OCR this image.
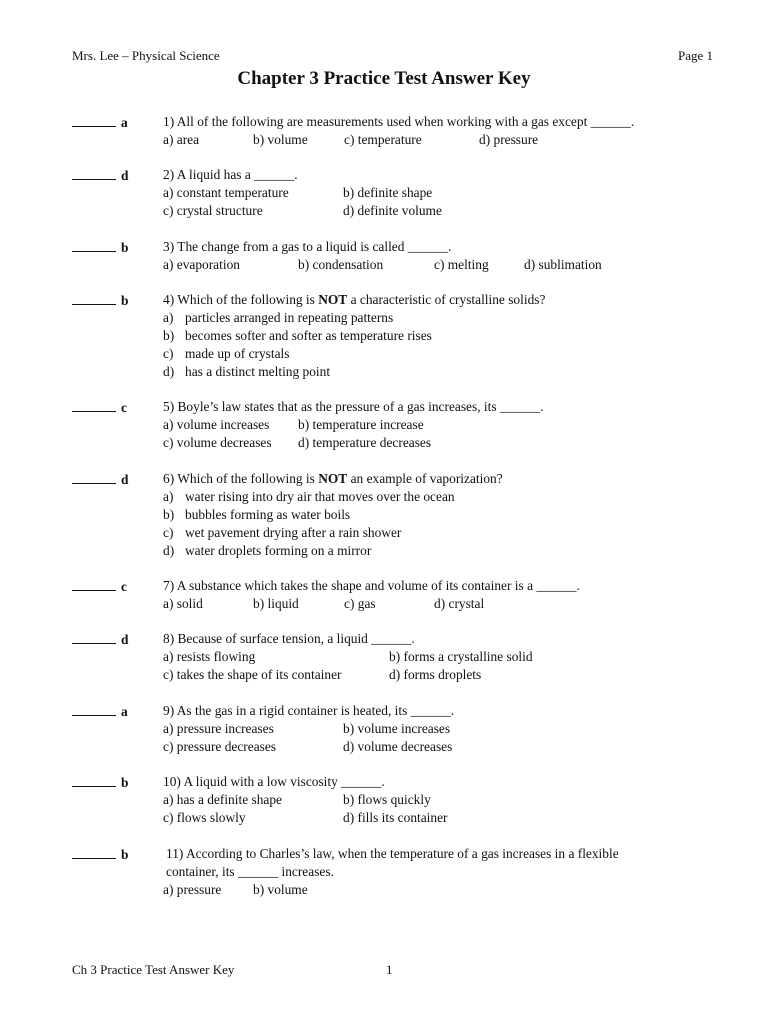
Mrs. Lee – Physical Science	Page 1
Chapter 3 Practice Test Answer Key
a	1) All of the following are measurements used when working with a gas except ______.
a) area	b) volume	c) temperature	d) pressure
d	2) A liquid has a ______.
a) constant temperature	b) definite shape
c) crystal structure	d) definite volume
b	3) The change from a gas to a liquid is called ______.
a) evaporation	b) condensation	c) melting	d) sublimation
b	4) Which of the following is NOT a characteristic of crystalline solids?
a) particles arranged in repeating patterns
b) becomes softer and softer as temperature rises
c) made up of crystals
d) has a distinct melting point
c	5) Boyle’s law states that as the pressure of a gas increases, its ______.
a) volume increases b) temperature increase
c) volume decreases d) temperature decreases
d	6) Which of the following is NOT an example of vaporization?
a) water rising into dry air that moves over the ocean
b) bubbles forming as water boils
c) wet pavement drying after a rain shower
d) water droplets forming on a mirror
c	7) A substance which takes the shape and volume of its container is a ______.
a) solid	b) liquid	c) gas	d) crystal
d	8) Because of surface tension, a liquid ______.
a) resists flowing	b) forms a crystalline solid
c) takes the shape of its container	d) forms droplets
a	9) As the gas in a rigid container is heated, its ______.
a) pressure increases	b) volume increases
c) pressure decreases	d) volume decreases
b	10) A liquid with a low viscosity ______.
a) has a definite shape	b) flows quickly
c) flows slowly	d) fills its container
b	11) According to Charles’s law, when the temperature of a gas increases in a flexible
container, its ______ increases.
a) pressure b) volume
Ch 3 Practice Test Answer Key	1
